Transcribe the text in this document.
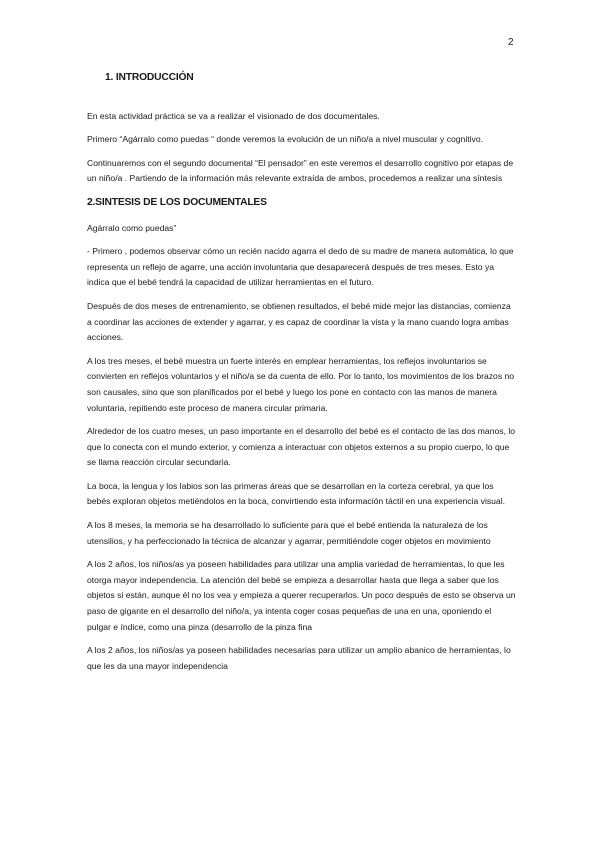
2
1. INTRODUCCIÓN

En esta actividad práctica se va a realizar el visionado de dos documentales.

Primero “Agárralo como puedas “ donde veremos la evolución de un niño/a a nivel muscular y cognitivo.

Continuaremos con el segundo documental “El pensador” en este veremos el desarrollo cognitivo por etapas de un niño/a . Partiendo de la información más relevante extraída de ambos, procedemos a realizar una síntesis

2.SINTESIS DE LOS DOCUMENTALES

Agárralo como puedas”

- Primero , podemos observar cómo un recién nacido agarra el dedo de su madre de manera automática, lo que representa un reflejo de agarre, una acción involuntaria que desaparecerá después de tres meses. Esto ya indica que el bebé tendrá la capacidad de utilizar herramientas en el futuro.

Después de dos meses de entrenamiento, se obtienen resultados, el bebé mide mejor las distancias, comienza a coordinar las acciones de extender y agarrar, y es capaz de coordinar la vista y la mano cuando logra ambas acciones.

A los tres meses, el bebé muestra un fuerte interés en emplear herramientas, los reflejos involuntarios se convierten en reflejos voluntarios y el niño/a se da cuenta de ello. Por lo tanto, los movimientos de los brazos no son causales, sino que son planificados por el bebé y luego los pone en contacto con las manos de manera voluntaria, repitiendo este proceso de manera circular primaria.

Alrededor de los cuatro meses, un paso importante en el desarrollo del bebé es el contacto de las dos manos, lo que lo conecta con el mundo exterior, y comienza a interactuar con objetos externos a su propio cuerpo, lo que se llama reacción circular secundaria.

La boca, la lengua y los labios son las primeras áreas que se desarrollan en la corteza cerebral, ya que los bebés exploran objetos metiéndolos en la boca, convirtiendo esta información táctil en una experiencia visual.

A los 8 meses, la memoria se ha desarrollado lo suficiente para que el bebé entienda la naturaleza de los utensilios, y ha perfeccionado la técnica de alcanzar y agarrar, permitiéndole coger objetos en movimiento

A los 2 años, los niños/as ya poseen habilidades para utilizar una amplia variedad de herramientas, lo que les otorga mayor independencia. La atención del bebé se empieza a desarrollar hasta que llega a saber que los objetos si están, aunque él no los vea y empieza a querer recuperarlos. Un poco después de esto se observa un paso de gigante en el desarrollo del niño/a, ya intenta coger cosas pequeñas de una en una, oponiendo el pulgar e índice, como una pinza (desarrollo de la pinza fina

A los 2 años, los niños/as ya poseen habilidades necesarias para utilizar un amplio abanico de herramientas, lo que les da una mayor independencia
